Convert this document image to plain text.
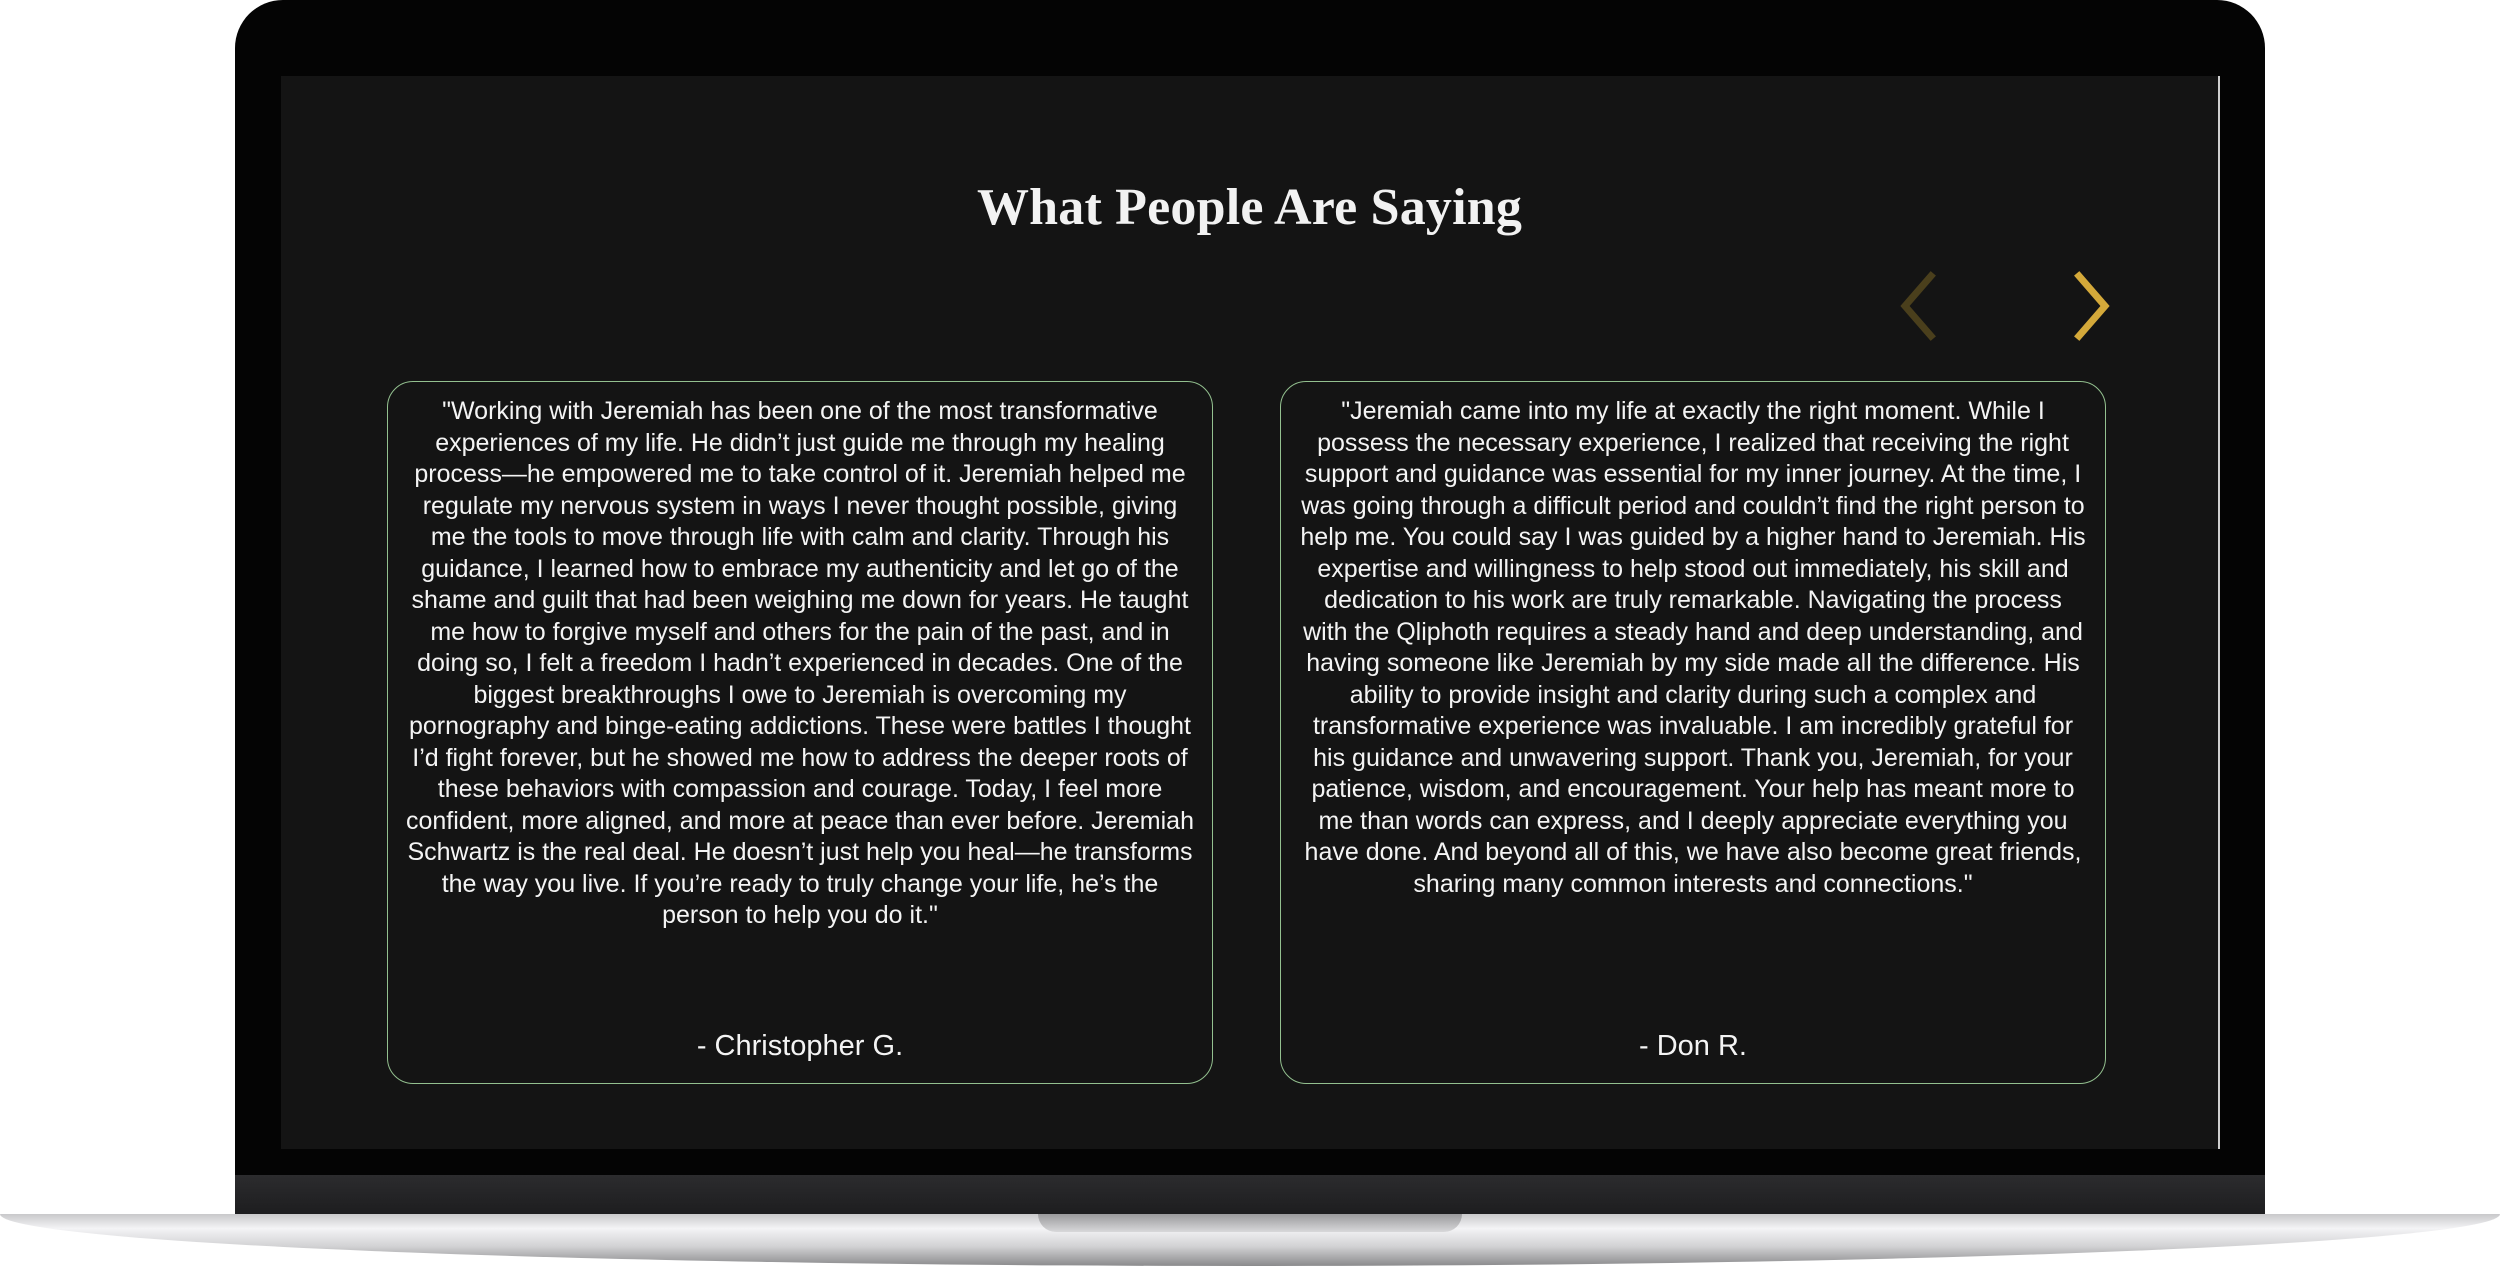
What People Are Saying

"Working with Jeremiah has been one of the most transformative experiences of my life. He didn’t just guide me through my healing process—he empowered me to take control of it. Jeremiah helped me regulate my nervous system in ways I never thought possible, giving me the tools to move through life with calm and clarity. Through his guidance, I learned how to embrace my authenticity and let go of the shame and guilt that had been weighing me down for years. He taught me how to forgive myself and others for the pain of the past, and in doing so, I felt a freedom I hadn’t experienced in decades. One of the biggest breakthroughs I owe to Jeremiah is overcoming my pornography and binge-eating addictions. These were battles I thought I’d fight forever, but he showed me how to address the deeper roots of these behaviors with compassion and courage. Today, I feel more confident, more aligned, and more at peace than ever before. Jeremiah Schwartz is the real deal. He doesn’t just help you heal—he transforms the way you live. If you’re ready to truly change your life, he’s the person to help you do it."

- Christopher G.

"Jeremiah came into my life at exactly the right moment. While I possess the necessary experience, I realized that receiving the right support and guidance was essential for my inner journey. At the time, I was going through a difficult period and couldn’t find the right person to help me. You could say I was guided by a higher hand to Jeremiah. His expertise and willingness to help stood out immediately, his skill and dedication to his work are truly remarkable. Navigating the process with the Qliphoth requires a steady hand and deep understanding, and having someone like Jeremiah by my side made all the difference. His ability to provide insight and clarity during such a complex and transformative experience was invaluable. I am incredibly grateful for his guidance and unwavering support. Thank you, Jeremiah, for your patience, wisdom, and encouragement. Your help has meant more to me than words can express, and I deeply appreciate everything you have done. And beyond all of this, we have also become great friends, sharing many common interests and connections."

- Don R.
